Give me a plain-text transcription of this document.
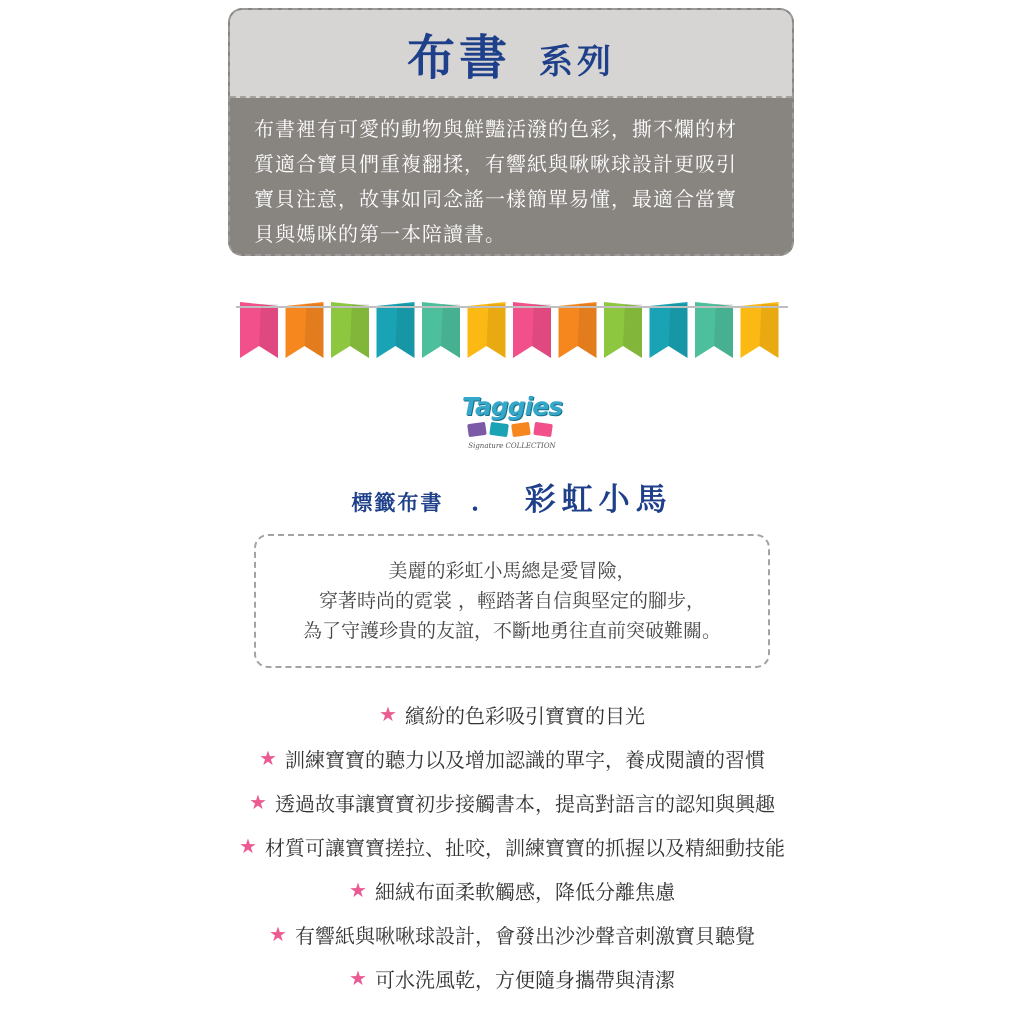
布書 系列
布書裡有可愛的動物與鮮豔活潑的色彩，撕不爛的材
質適合寶貝們重複翻揉，有響紙與啾啾球設計更吸引
寶貝注意，故事如同念謠一樣簡單易懂，最適合當寶
貝與媽咪的第一本陪讀書。
Taggies
Signature COLLECTION
標籤布書 ． 彩虹小馬
美麗的彩虹小馬總是愛冒險，
穿著時尚的霓裳 ，輕踏著自信與堅定的腳步，
為了守護珍貴的友誼，不斷地勇往直前突破難關。
★ 繽紛的色彩吸引寶寶的目光
★ 訓練寶寶的聽力以及增加認識的單字，養成閱讀的習慣
★ 透過故事讓寶寶初步接觸書本，提高對語言的認知與興趣
★ 材質可讓寶寶搓拉、扯咬，訓練寶寶的抓握以及精細動技能
★ 細絨布面柔軟觸感，降低分離焦慮
★ 有響紙與啾啾球設計，會發出沙沙聲音刺激寶貝聽覺
★ 可水洗風乾，方便隨身攜帶與清潔
